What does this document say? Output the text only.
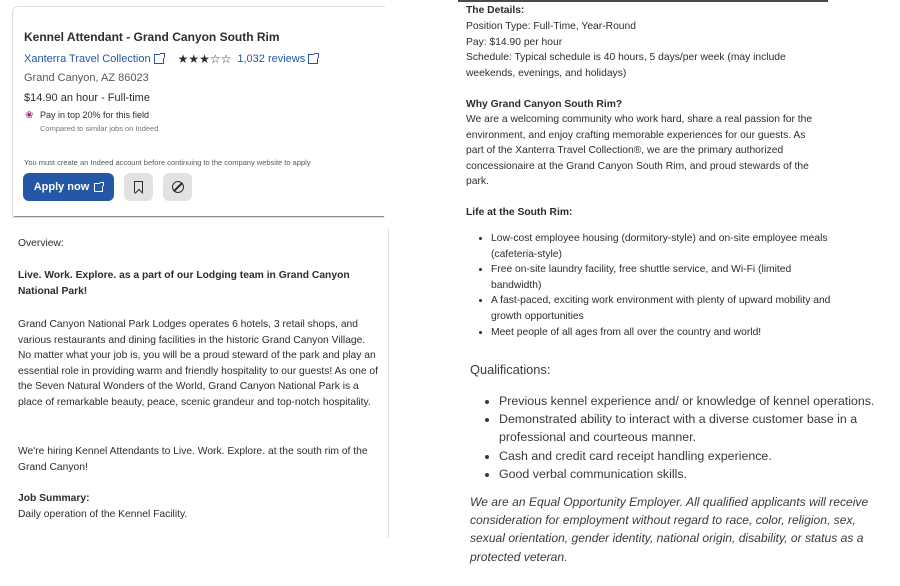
Kennel Attendant - Grand Canyon South Rim
Xanterra Travel Collection ★★★☆☆ 1,032 reviews
Grand Canyon, AZ 86023
$14.90 an hour - Full-time
❀ Pay in top 20% for this field
Compared to similar jobs on Indeed
You must create an Indeed account before continuing to the company website to apply
Apply now

Overview:

Live. Work. Explore. as a part of our Lodging team in Grand Canyon National Park!

Grand Canyon National Park Lodges operates 6 hotels, 3 retail shops, and various restaurants and dining facilities in the historic Grand Canyon Village. No matter what your job is, you will be a proud steward of the park and play an essential role in providing warm and friendly hospitality to our guests! As one of the Seven Natural Wonders of the World, Grand Canyon National Park is a place of remarkable beauty, peace, scenic grandeur and top-notch hospitality.

We're hiring Kennel Attendants to Live. Work. Explore. at the south rim of the Grand Canyon!

Job Summary:

Daily operation of the Kennel Facility.

The Details:

Position Type: Full-Time, Year-Round

Pay: $14.90 per hour

Schedule: Typical schedule is 40 hours, 5 days/per week (may include weekends, evenings, and holidays)

Why Grand Canyon South Rim?

We are a welcoming community who work hard, share a real passion for the environment, and enjoy crafting memorable experiences for our guests. As part of the Xanterra Travel Collection®, we are the primary authorized concessionaire at the Grand Canyon South Rim, and proud stewards of the park.

Life at the South Rim:

• Low-cost employee housing (dormitory-style) and on-site employee meals (cafeteria-style)
• Free on-site laundry facility, free shuttle service, and Wi-Fi (limited bandwidth)
• A fast-paced, exciting work environment with plenty of upward mobility and growth opportunities
• Meet people of all ages from all over the country and world!
Qualifications:
• Previous kennel experience and/ or knowledge of kennel operations.
• Demonstrated ability to interact with a diverse customer base in a professional and courteous manner.
• Cash and credit card receipt handling experience.
• Good verbal communication skills.

We are an Equal Opportunity Employer. All qualified applicants will receive consideration for employment without regard to race, color, religion, sex, sexual orientation, gender identity, national origin, disability, or status as a protected veteran.
